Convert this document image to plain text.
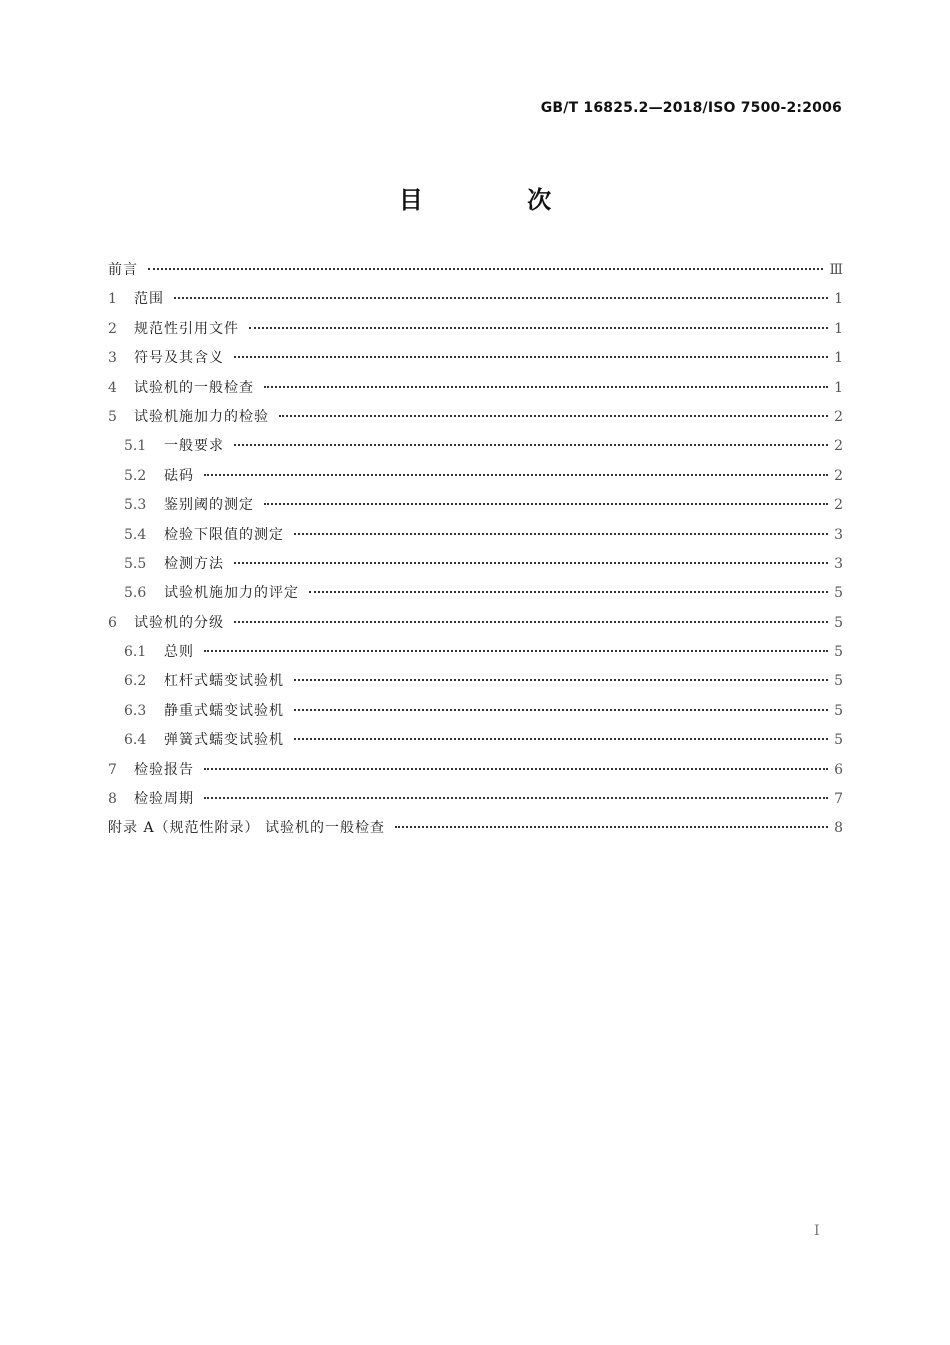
GB/T 16825.2—2018/ISO 7500-2:2006
目 次
前言	Ⅲ
1	范围	1
2	规范性引用文件	1
3	符号及其含义	1
4	试验机的一般检查	1
5	试验机施加力的检验	2
5.1	一般要求	2
5.2	砝码	2
5.3	鉴别阈的测定	2
5.4	检验下限值的测定	3
5.5	检测方法	3
5.6	试验机施加力的评定	5
6	试验机的分级	5
6.1	总则	5
6.2	杠杆式蠕变试验机	5
6.3	静重式蠕变试验机	5
6.4	弹簧式蠕变试验机	5
7	检验报告	6
8	检验周期	7
附录 A（规范性附录） 试验机的一般检查	8
Ⅰ
